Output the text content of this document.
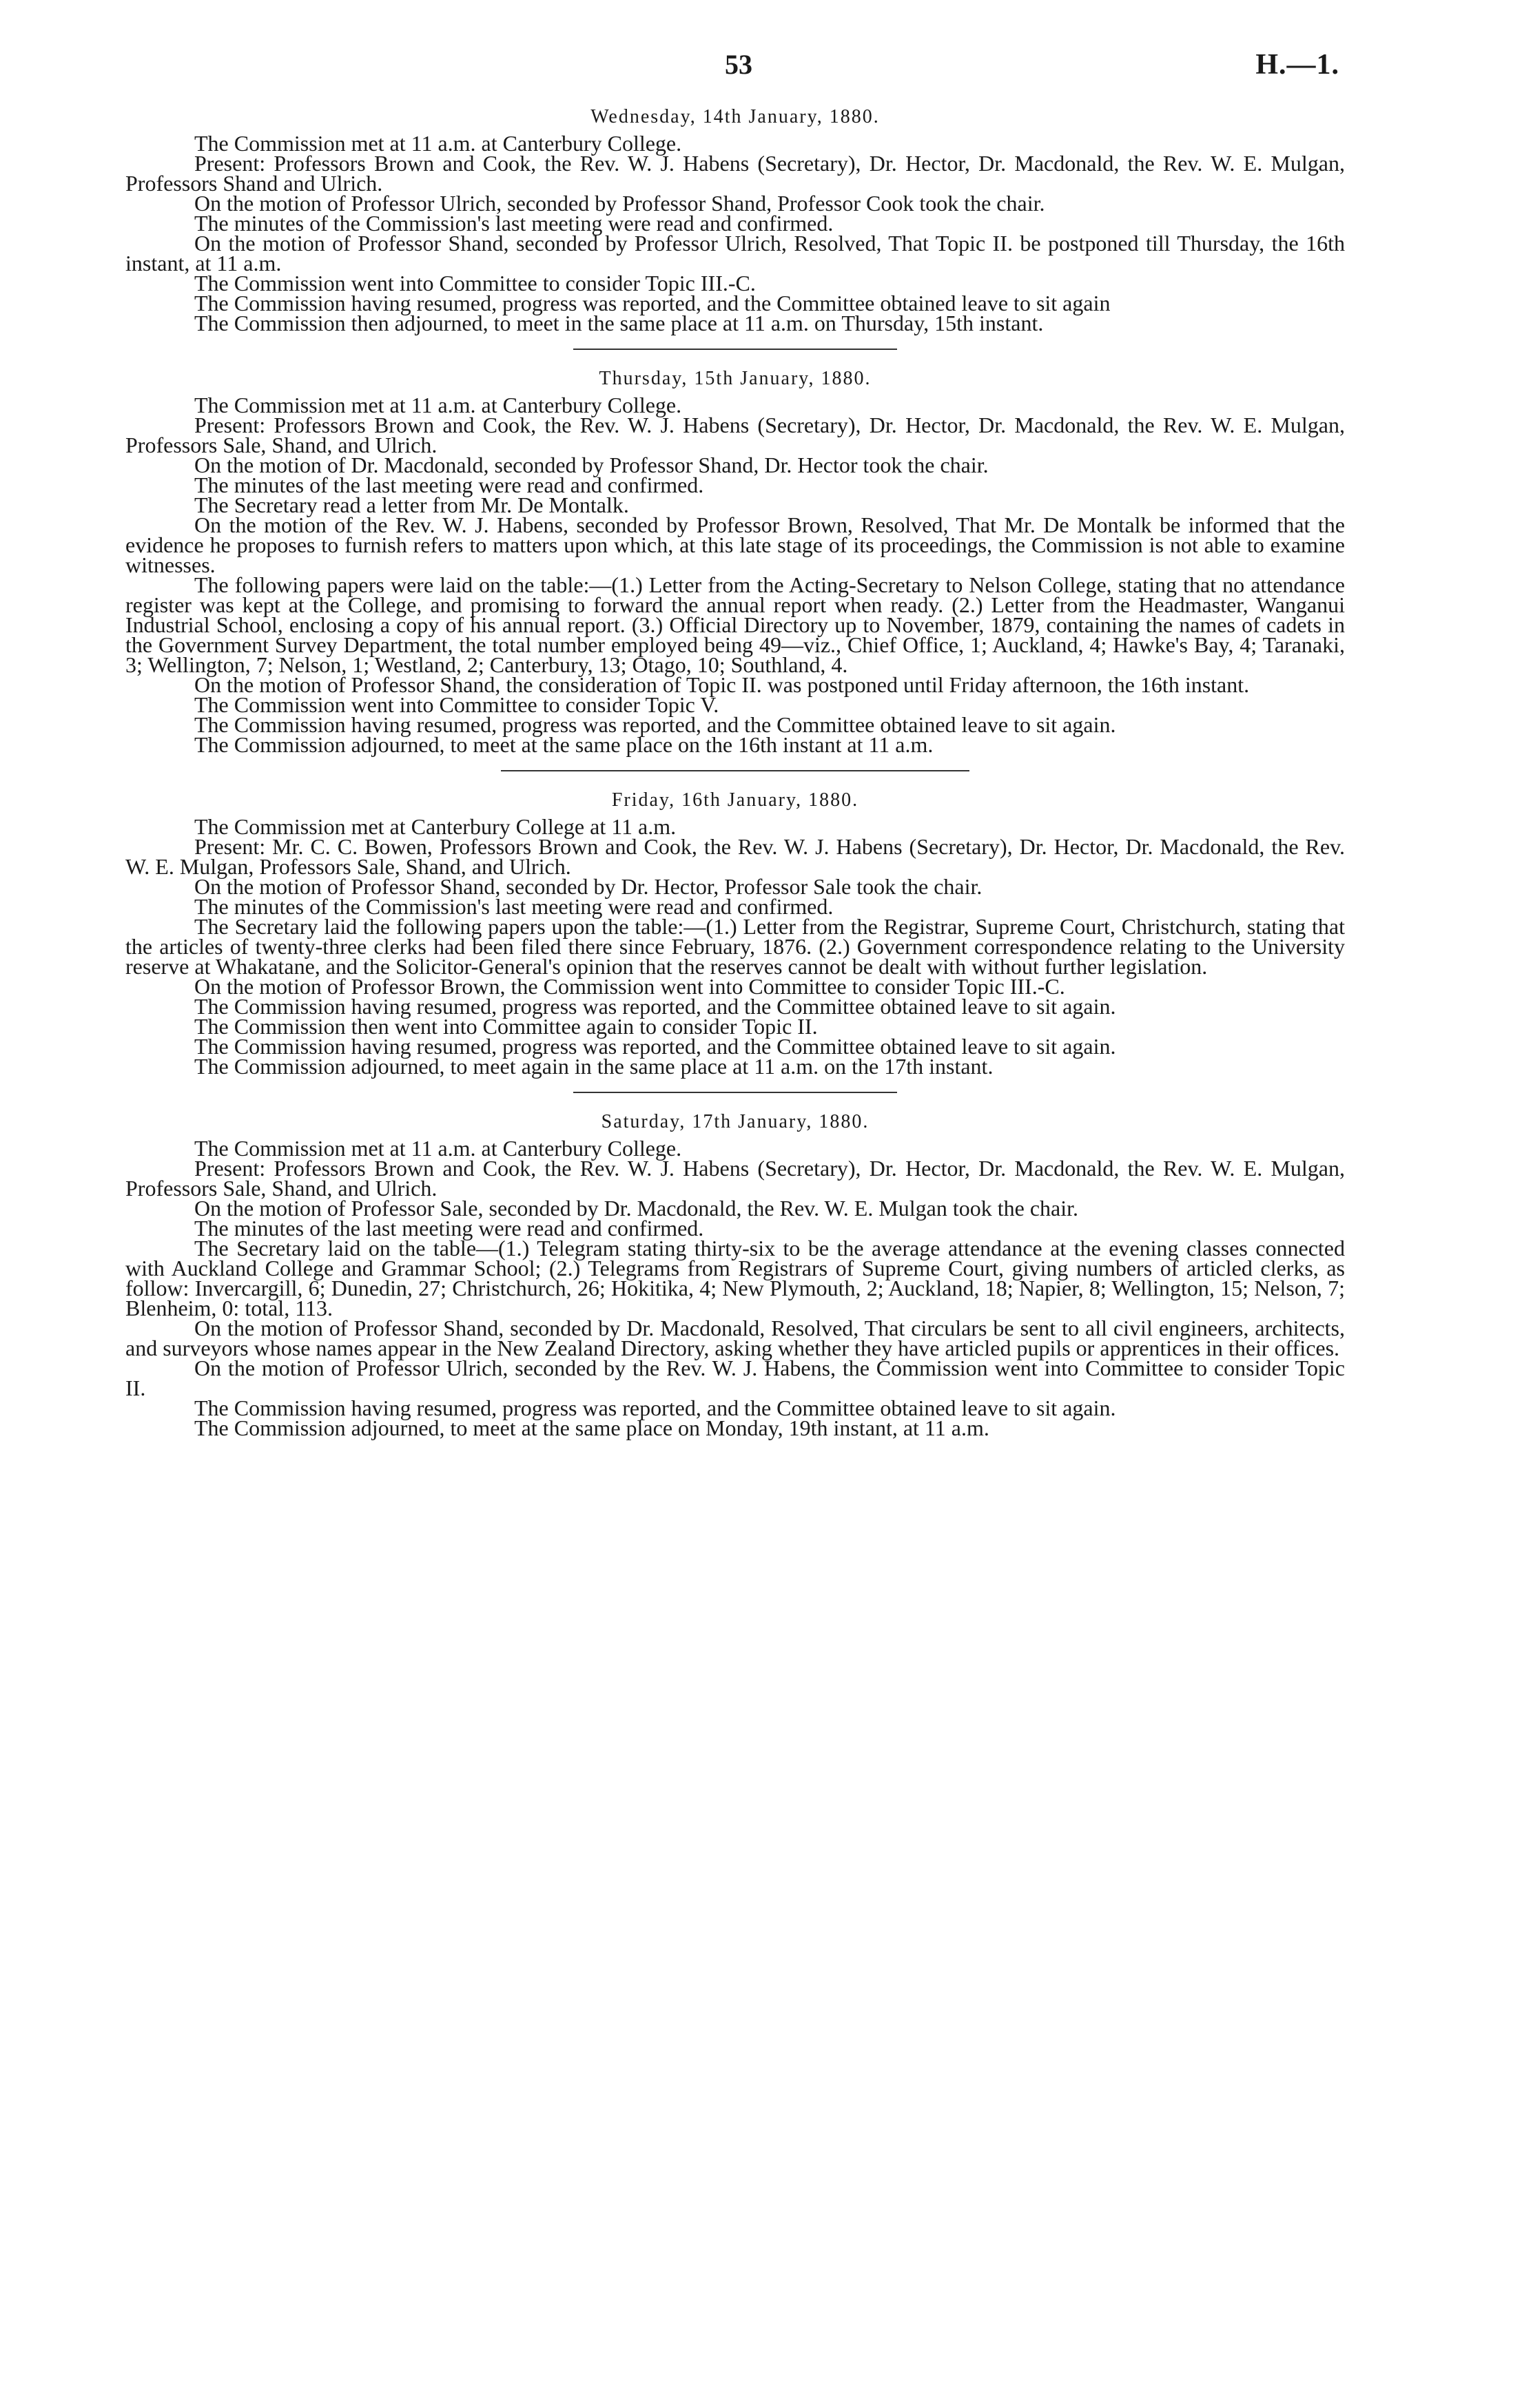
53	H.—1.
Wednesday, 14th January, 1880.

The Commission met at 11 a.m. at Canterbury College.

Present: Professors Brown and Cook, the Rev. W. J. Habens (Secretary), Dr. Hector, Dr. Macdonald, the Rev. W. E. Mulgan, Professors Shand and Ulrich.

On the motion of Professor Ulrich, seconded by Professor Shand, Professor Cook took the chair.

The minutes of the Commission's last meeting were read and confirmed.

On the motion of Professor Shand, seconded by Professor Ulrich, Resolved, That Topic II. be postponed till Thursday, the 16th instant, at 11 a.m.

The Commission went into Committee to consider Topic III.-C.

The Commission having resumed, progress was reported, and the Committee obtained leave to sit again

The Commission then adjourned, to meet in the same place at 11 a.m. on Thursday, 15th instant.

Thursday, 15th January, 1880.

The Commission met at 11 a.m. at Canterbury College.

Present: Professors Brown and Cook, the Rev. W. J. Habens (Secretary), Dr. Hector, Dr. Macdonald, the Rev. W. E. Mulgan, Professors Sale, Shand, and Ulrich.

On the motion of Dr. Macdonald, seconded by Professor Shand, Dr. Hector took the chair.

The minutes of the last meeting were read and confirmed.

The Secretary read a letter from Mr. De Montalk.

On the motion of the Rev. W. J. Habens, seconded by Professor Brown, Resolved, That Mr. De Montalk be informed that the evidence he proposes to furnish refers to matters upon which, at this late stage of its proceedings, the Commission is not able to examine witnesses.

The following papers were laid on the table:—(1.) Letter from the Acting-Secretary to Nelson College, stating that no attendance register was kept at the College, and promising to forward the annual report when ready. (2.) Letter from the Headmaster, Wanganui Industrial School, enclosing a copy of his annual report. (3.) Official Directory up to November, 1879, containing the names of cadets in the Government Survey Department, the total number employed being 49—viz., Chief Office, 1; Auckland, 4; Hawke's Bay, 4; Taranaki, 3; Wellington, 7; Nelson, 1; Westland, 2; Canterbury, 13; Otago, 10; Southland, 4.

On the motion of Professor Shand, the consideration of Topic II. was postponed until Friday afternoon, the 16th instant.

The Commission went into Committee to consider Topic V.

The Commission having resumed, progress was reported, and the Committee obtained leave to sit again.

The Commission adjourned, to meet at the same place on the 16th instant at 11 a.m.

Friday, 16th January, 1880.

The Commission met at Canterbury College at 11 a.m.

Present: Mr. C. C. Bowen, Professors Brown and Cook, the Rev. W. J. Habens (Secretary), Dr. Hector, Dr. Macdonald, the Rev. W. E. Mulgan, Professors Sale, Shand, and Ulrich.

On the motion of Professor Shand, seconded by Dr. Hector, Professor Sale took the chair.

The minutes of the Commission's last meeting were read and confirmed.

The Secretary laid the following papers upon the table:—(1.) Letter from the Registrar, Supreme Court, Christchurch, stating that the articles of twenty-three clerks had been filed there since February, 1876. (2.) Government correspondence relating to the University reserve at Whakatane, and the Solicitor-General's opinion that the reserves cannot be dealt with without further legislation.

On the motion of Professor Brown, the Commission went into Committee to consider Topic III.-C.

The Commission having resumed, progress was reported, and the Committee obtained leave to sit again.

The Commission then went into Committee again to consider Topic II.

The Commission having resumed, progress was reported, and the Committee obtained leave to sit again.

The Commission adjourned, to meet again in the same place at 11 a.m. on the 17th instant.

Saturday, 17th January, 1880.

The Commission met at 11 a.m. at Canterbury College.

Present: Professors Brown and Cook, the Rev. W. J. Habens (Secretary), Dr. Hector, Dr. Macdonald, the Rev. W. E. Mulgan, Professors Sale, Shand, and Ulrich.

On the motion of Professor Sale, seconded by Dr. Macdonald, the Rev. W. E. Mulgan took the chair.

The minutes of the last meeting were read and confirmed.

The Secretary laid on the table—(1.) Telegram stating thirty-six to be the average attendance at the evening classes connected with Auckland College and Grammar School; (2.) Telegrams from Registrars of Supreme Court, giving numbers of articled clerks, as follow: Invercargill, 6; Dunedin, 27; Christchurch, 26; Hokitika, 4; New Plymouth, 2; Auckland, 18; Napier, 8; Wellington, 15; Nelson, 7; Blenheim, 0: total, 113.

On the motion of Professor Shand, seconded by Dr. Macdonald, Resolved, That circulars be sent to all civil engineers, architects, and surveyors whose names appear in the New Zealand Directory, asking whether they have articled pupils or apprentices in their offices.

On the motion of Professor Ulrich, seconded by the Rev. W. J. Habens, the Commission went into Committee to consider Topic II.

The Commission having resumed, progress was reported, and the Committee obtained leave to sit again.

The Commission adjourned, to meet at the same place on Monday, 19th instant, at 11 a.m.
